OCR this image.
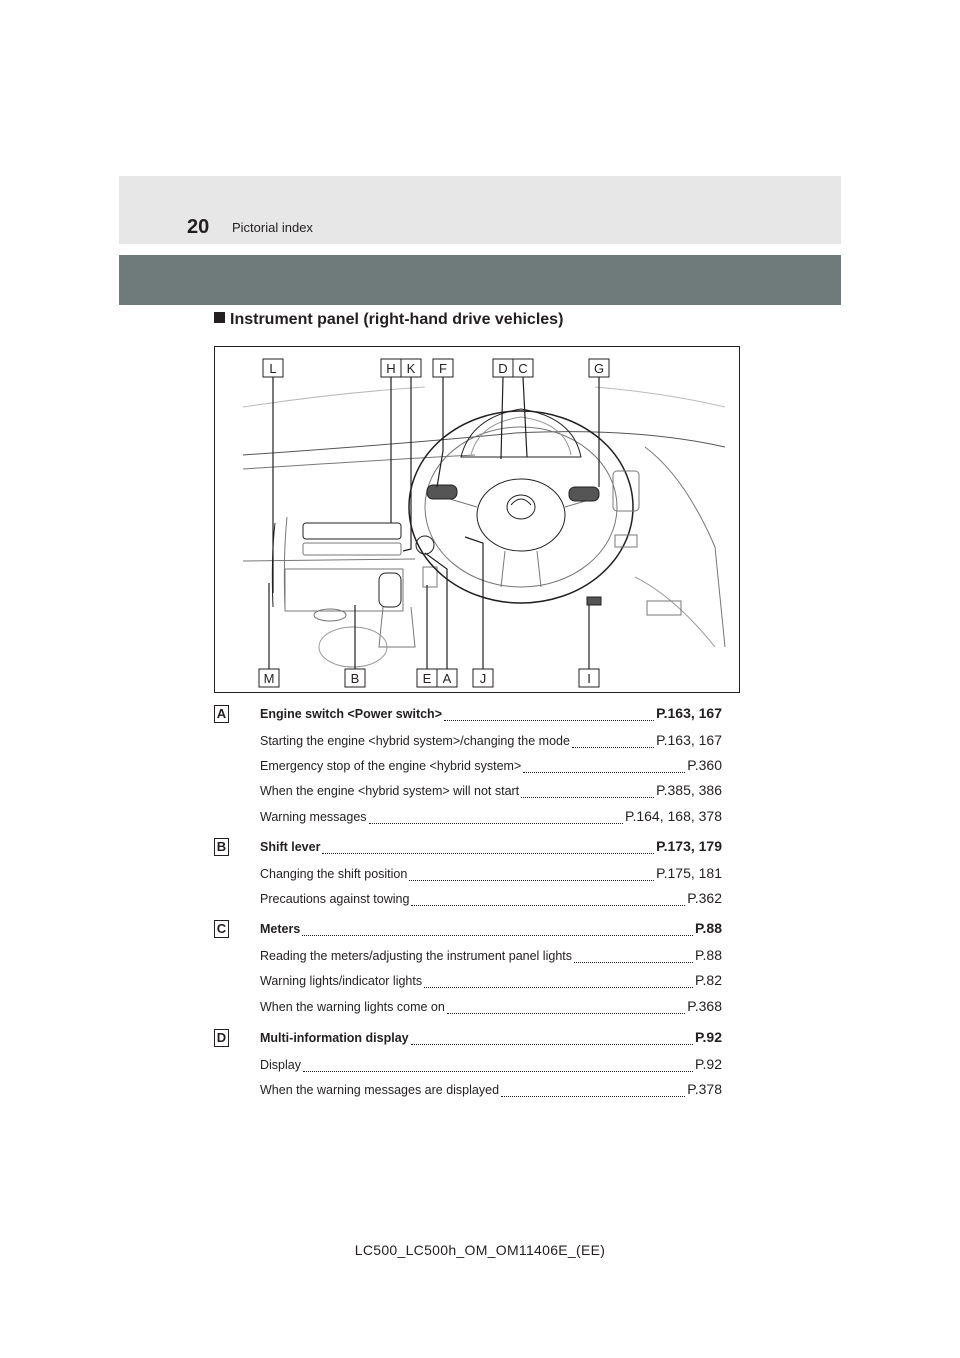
20 Pictorial index
Instrument panel (right-hand drive vehicles)
L	H K F	D C	G
M	B	E A J	I
A	Engine switch <Power switch>	P.163, 167
Starting the engine <hybrid system>/changing the mode	P.163, 167
Emergency stop of the engine <hybrid system>	P.360
When the engine <hybrid system> will not start	P.385, 386
Warning messages	P.164, 168, 378
B	Shift lever	P.173, 179
Changing the shift position	P.175, 181
Precautions against towing	P.362
C	Meters	P.88
Reading the meters/adjusting the instrument panel lights	P.88
Warning lights/indicator lights	P.82
When the warning lights come on	P.368
D	Multi-information display	P.92
Display	P.92
When the warning messages are displayed	P.378
LC500_LC500h_OM_OM11406E_(EE)
